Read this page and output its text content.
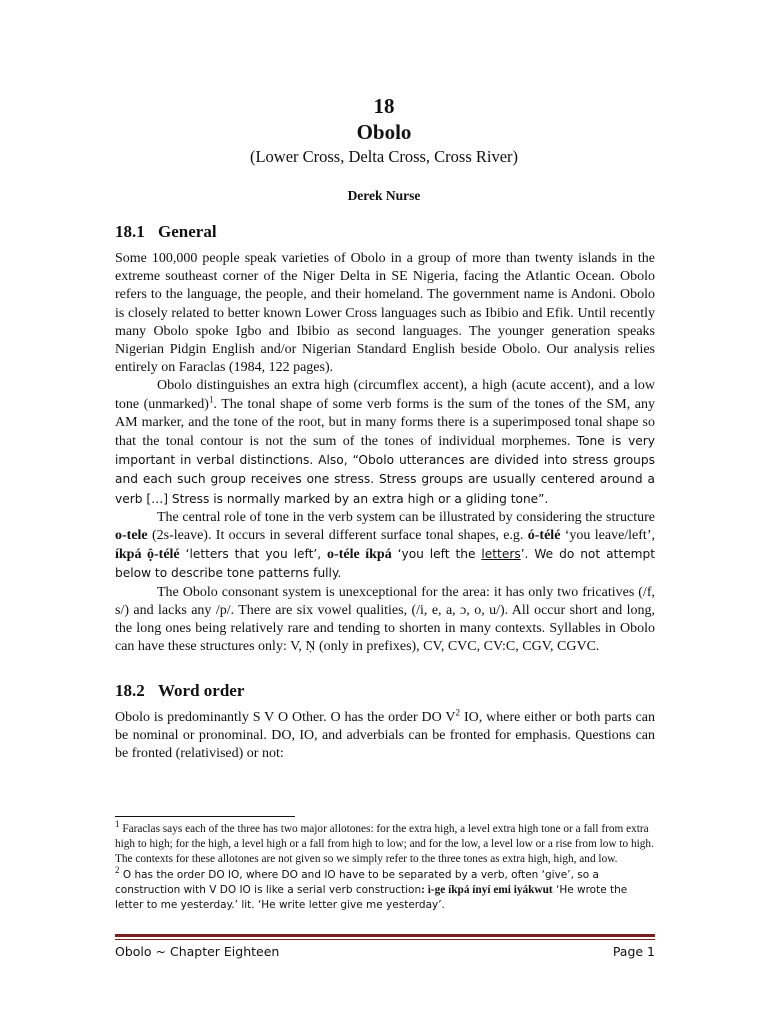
18
Obolo
(Lower Cross, Delta Cross, Cross River)
Derek Nurse
18.1 General

Some 100,000 people speak varieties of Obolo in a group of more than twenty islands in the extreme southeast corner of the Niger Delta in SE Nigeria, facing the Atlantic Ocean. Obolo refers to the language, the people, and their homeland. The government name is Andoni. Obolo is closely related to better known Lower Cross languages such as Ibibio and Efik. Until recently many Obolo spoke Igbo and Ibibio as second languages. The younger generation speaks Nigerian Pidgin English and/or Nigerian Standard English beside Obolo. Our analysis relies entirely on Faraclas (1984, 122 pages).

Obolo distinguishes an extra high (circumflex accent), a high (acute accent), and a low tone (unmarked)$^1$. The tonal shape of some verb forms is the sum of the tones of the SM, any AM marker, and the tone of the root, but in many forms there is a superimposed tonal shape so that the tonal contour is not the sum of the tones of individual morphemes. Tone is very important in verbal distinctions. Also, “Obolo utterances are divided into stress groups and each such group receives one stress. Stress groups are usually centered around a verb […] Stress is normally marked by an extra high or a gliding tone”.

The central role of tone in the verb system can be illustrated by considering the structure o-tele (2s-leave). It occurs in several different surface tonal shapes, e.g. ó-télé ‘you leave/left’, íkpá ộ-télé ‘letters that you left’, o-téle íkpá ‘you left the letters’. We do not attempt below to describe tone patterns fully.

The Obolo consonant system is unexceptional for the area: it has only two fricatives (/f, s/) and lacks any /p/. There are six vowel qualities, (/i, e, a, ɔ, o, u/). All occur short and long, the long ones being relatively rare and tending to shorten in many contexts. Syllables in Obolo can have these structures only: V, Ṇ (only in prefixes), CV, CVC, CV:C, CGV, CGVC.

18.2 Word order

Obolo is predominantly S V O Other. O has the order DO $V^2$ IO, where either or both parts can be nominal or pronominal. DO, IO, and adverbials can be fronted for emphasis. Questions can be fronted (relativised) or not:

$^1$ Faraclas says each of the three has two major allotones: for the extra high, a level extra high tone or a fall from extra high to high; for the high, a level high or a fall from high to low; and for the low, a level low or a rise from low to high. The contexts for these allotones are not given so we simply refer to the three tones as extra high, high, and low.

$^2$ O has the order DO IO, where DO and IO have to be separated by a verb, often ‘give’, so a construction with V DO IO is like a serial verb construction: ì-ge íkpá ínyí emi iyákwut ‘He wrote the letter to me yesterday.’ lit. ‘He write letter give me yesterday’.

Obolo ~ Chapter Eighteen	Page 1
